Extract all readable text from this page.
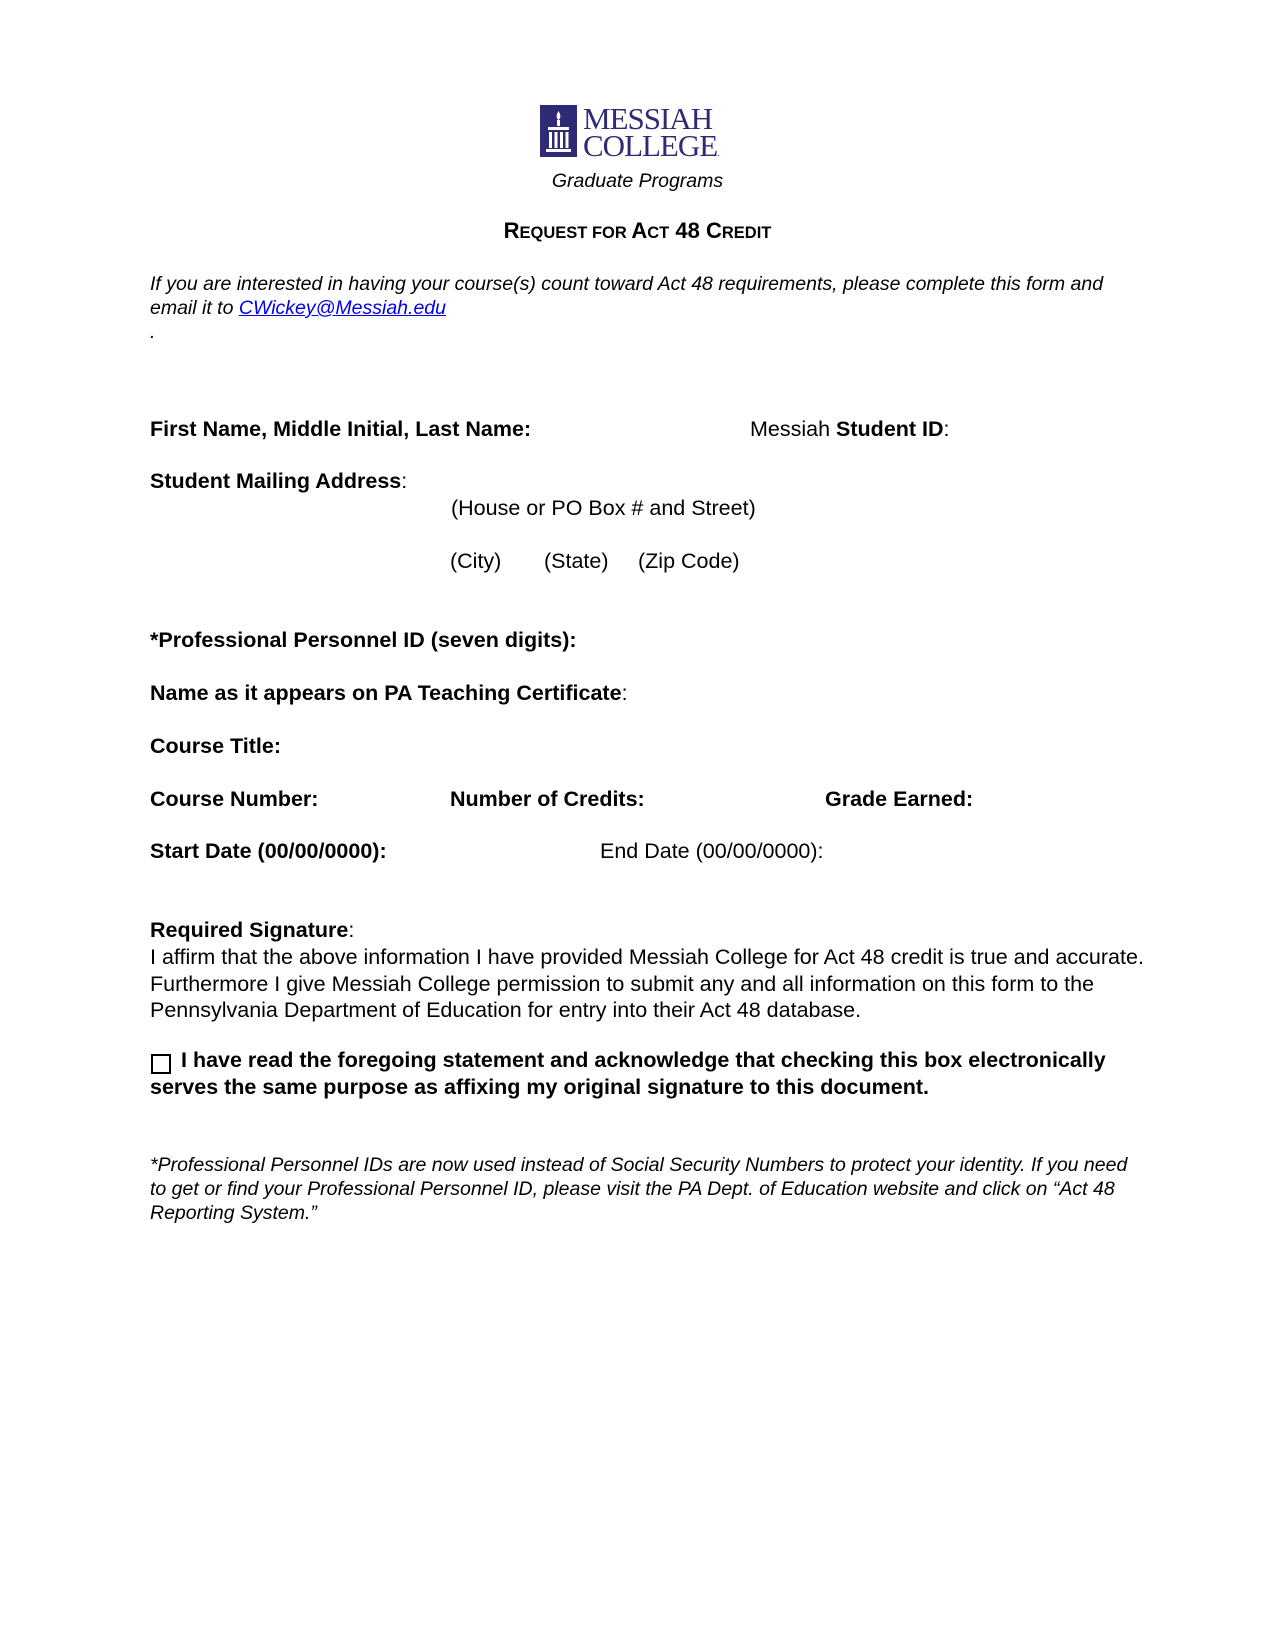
MESSIAH
COLLEGE.
Graduate Programs
REQUEST FOR ACT 48 CREDIT
If you are interested in having your course(s) count toward Act 48 requirements, please complete this form and email it to CWickey@Messiah.edu
.
First Name, Middle Initial, Last Name:	Messiah Student ID:
Student Mailing Address:
(House or PO Box # and Street)
(City) (State) (Zip Code)
*Professional Personnel ID (seven digits):
Name as it appears on PA Teaching Certificate:
Course Title:
Course Number:	Number of Credits:	Grade Earned:
Start Date (00/00/0000):	End Date (00/00/0000):
Required Signature:
I affirm that the above information I have provided Messiah College for Act 48 credit is true and accurate. Furthermore I give Messiah College permission to submit any and all information on this form to the Pennsylvania Department of Education for entry into their Act 48 database.
I have read the foregoing statement and acknowledge that checking this box electronically serves the same purpose as affixing my original signature to this document.
*Professional Personnel IDs are now used instead of Social Security Numbers to protect your identity. If you need to get or find your Professional Personnel ID, please visit the PA Dept. of Education website and click on “Act 48 Reporting System.”
